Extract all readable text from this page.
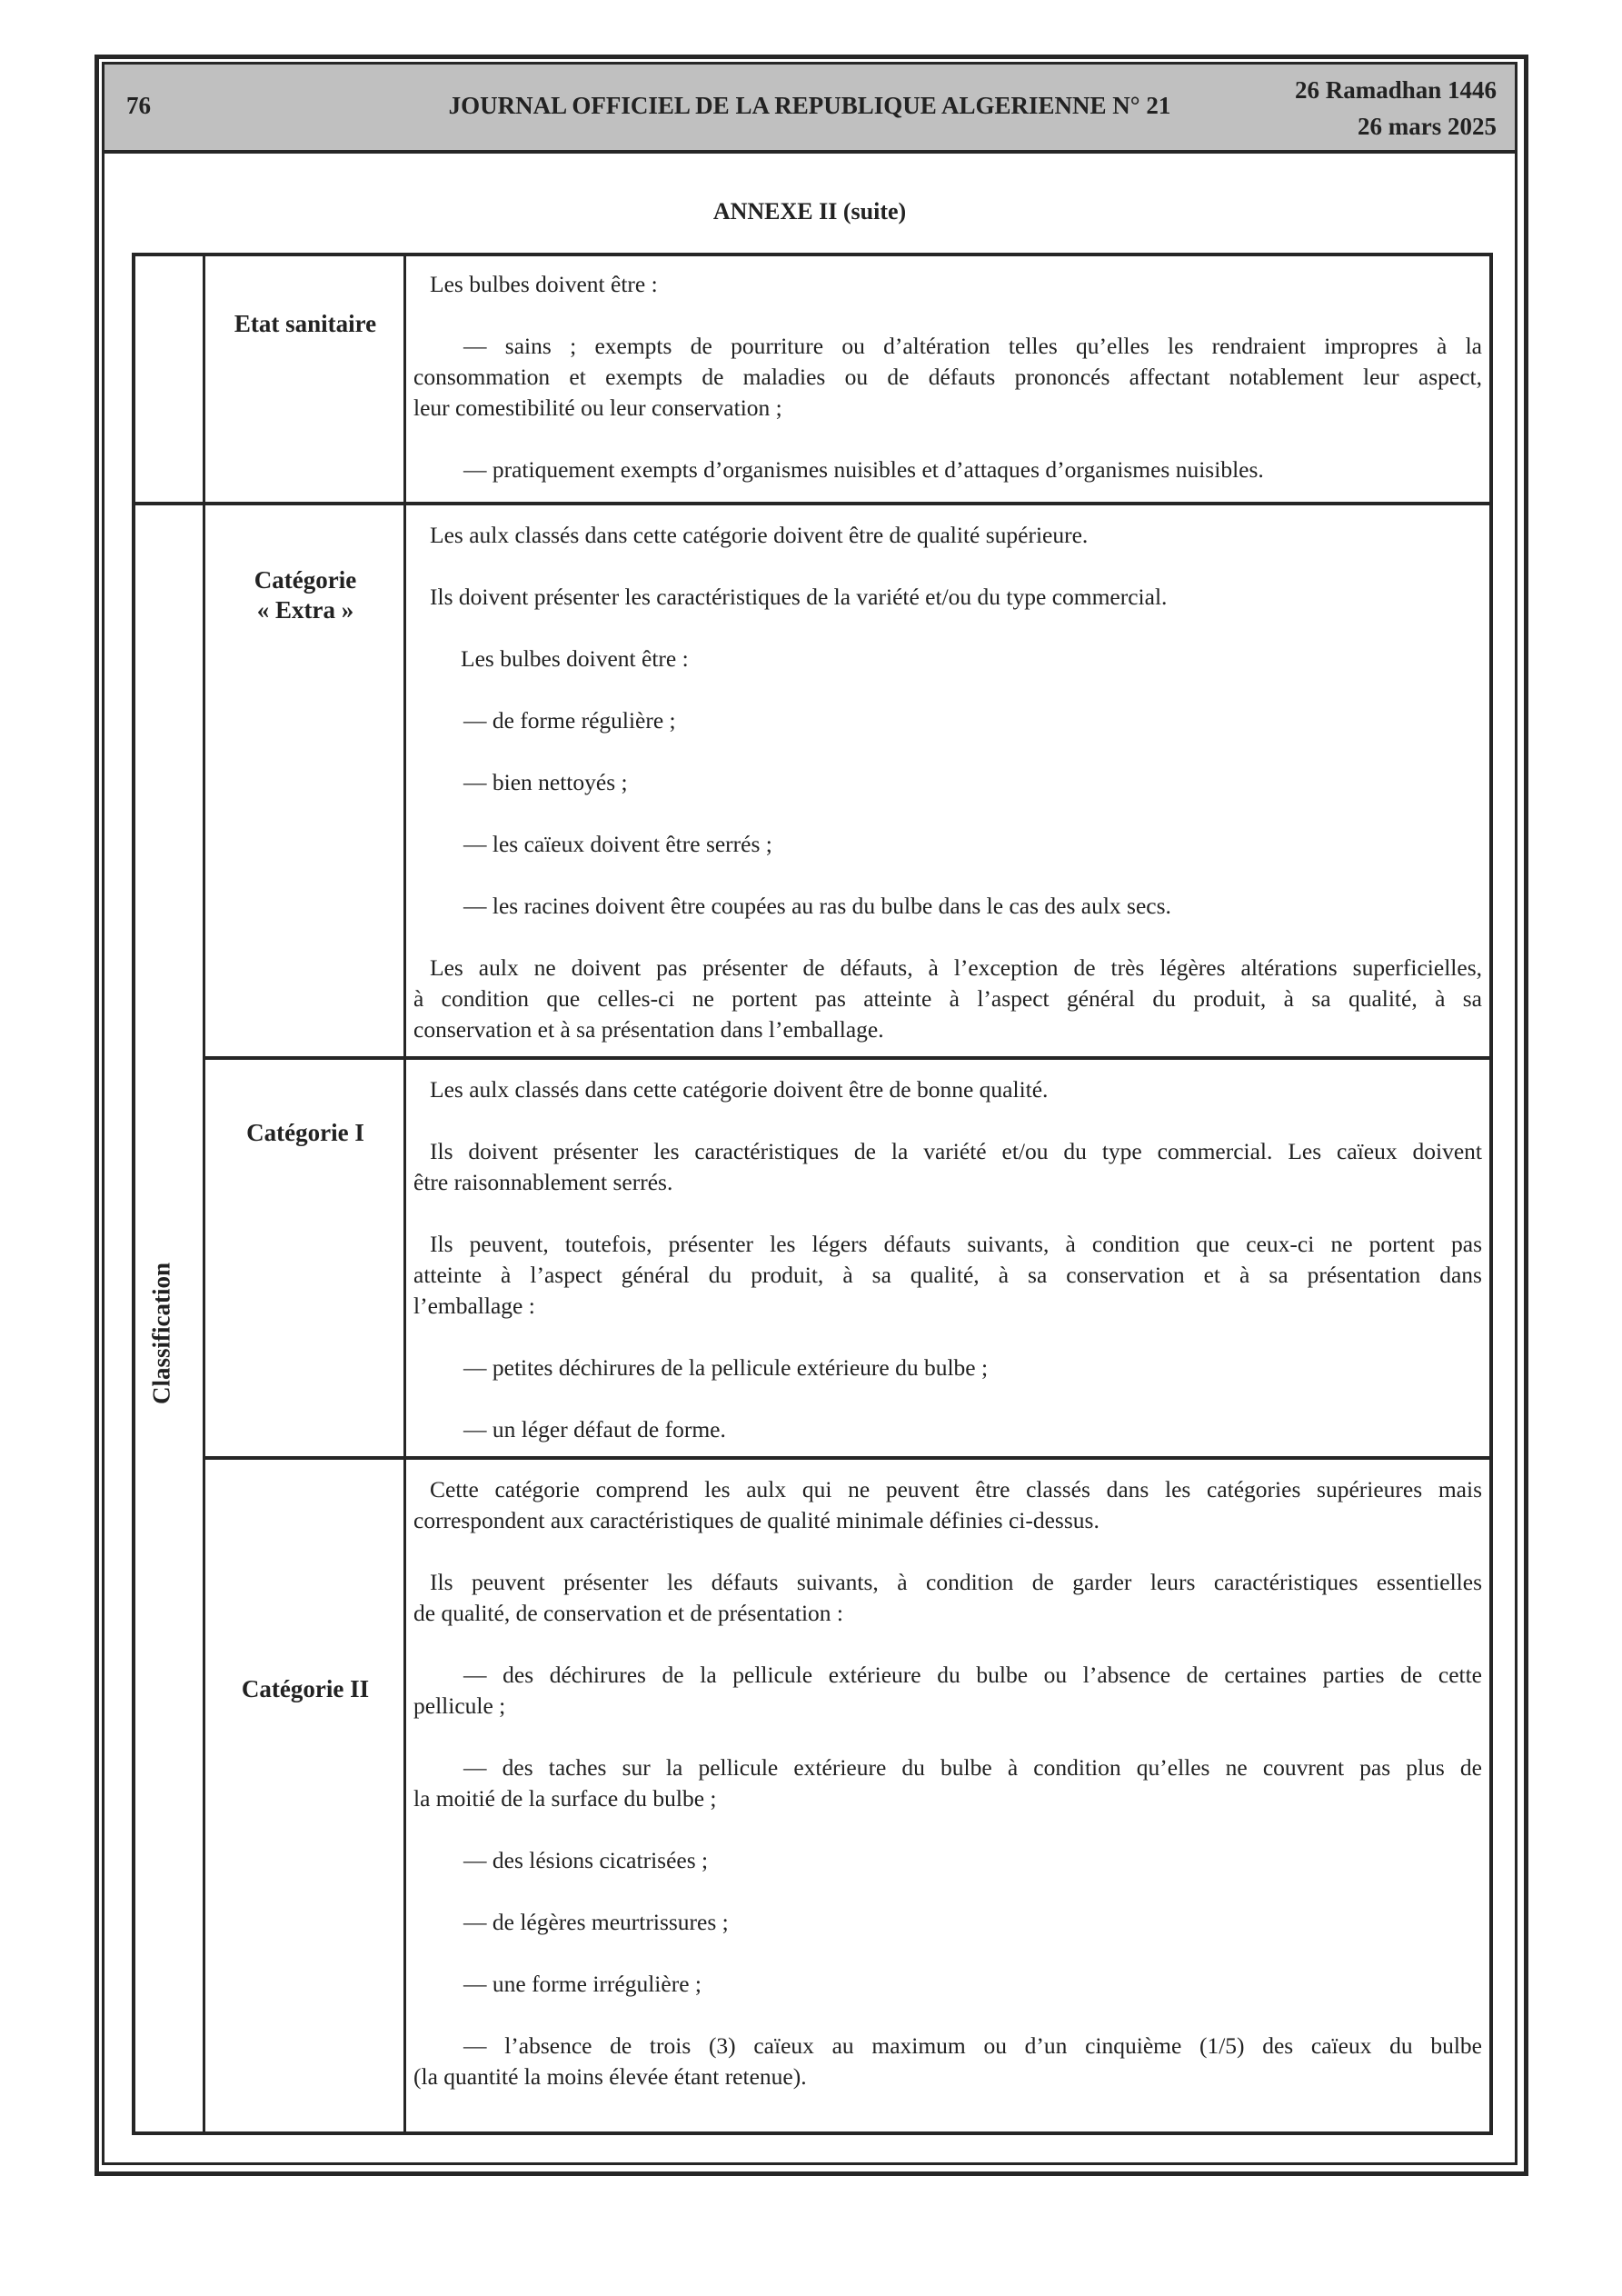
JOURNAL OFFICIEL DE LA REPUBLIQUE ALGERIENNE N° 21
76
26 Ramadhan 1446
26 mars 2025
ANNEXE II (suite)
Etat sanitaire
Les bulbes doivent être :
— sains ; exempts de pourriture ou d’altération telles qu’elles les rendraient impropres à la
consommation et exempts de maladies ou de défauts prononcés affectant notablement leur aspect,
leur comestibilité ou leur conservation ;
— pratiquement exempts d’organismes nuisibles et d’attaques d’organismes nuisibles.
Catégorie
« Extra »
Les aulx classés dans cette catégorie doivent être de qualité supérieure.
Ils doivent présenter les caractéristiques de la variété et/ou du type commercial.
Les bulbes doivent être :
— de forme régulière ;
— bien nettoyés ;
— les caïeux doivent être serrés ;
— les racines doivent être coupées au ras du bulbe dans le cas des aulx secs.
Les aulx ne doivent pas présenter de défauts, à l’exception de très légères altérations superficielles,
à condition que celles-ci ne portent pas atteinte à l’aspect général du produit, à sa qualité, à sa
conservation et à sa présentation dans l’emballage.
Catégorie I
Les aulx classés dans cette catégorie doivent être de bonne qualité.
Ils doivent présenter les caractéristiques de la variété et/ou du type commercial. Les caïeux doivent
être raisonnablement serrés.
Ils peuvent, toutefois, présenter les légers défauts suivants, à condition que ceux-ci ne portent pas
atteinte à l’aspect général du produit, à sa qualité, à sa conservation et à sa présentation dans
l’emballage :
— petites déchirures de la pellicule extérieure du bulbe ;
— un léger défaut de forme.
Catégorie II
Cette catégorie comprend les aulx qui ne peuvent être classés dans les catégories supérieures mais
correspondent aux caractéristiques de qualité minimale définies ci-dessus.
Ils peuvent présenter les défauts suivants, à condition de garder leurs caractéristiques essentielles
de qualité, de conservation et de présentation :
— des déchirures de la pellicule extérieure du bulbe ou l’absence de certaines parties de cette
pellicule ;
— des taches sur la pellicule extérieure du bulbe à condition qu’elles ne couvrent pas plus de
la moitié de la surface du bulbe ;
— des lésions cicatrisées ;
— de légères meurtrissures ;
— une forme irrégulière ;
— l’absence de trois (3) caïeux au maximum ou d’un cinquième (1/5) des caïeux du bulbe
(la quantité la moins élevée étant retenue).
Classification
